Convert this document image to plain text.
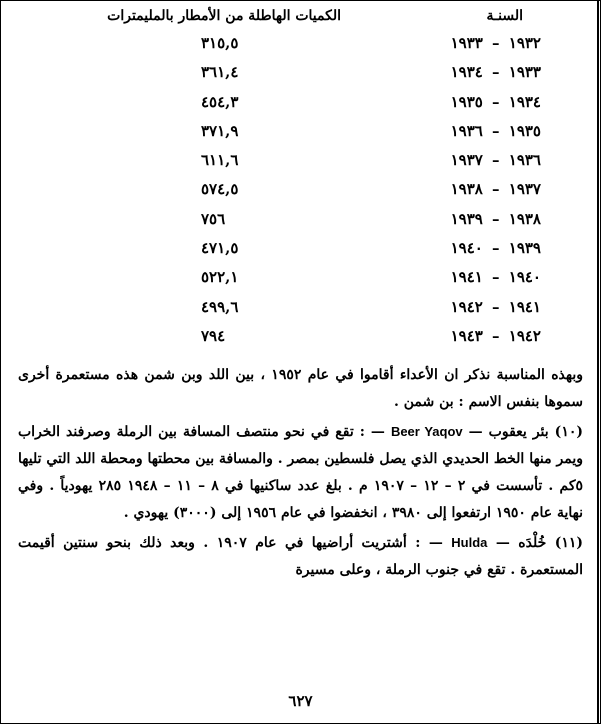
السنـة
الكميات الهاطلة من الأمطار بالمليمترات
١٩٣٢ – ١٩٣٣
٣١٥,٥
١٩٣٣ – ١٩٣٤
٣٦١,٤
١٩٣٤ – ١٩٣٥
٤٥٤,٣
١٩٣٥ – ١٩٣٦
٣٧١,٩
١٩٣٦ – ١٩٣٧
٦١١,٦
١٩٣٧ – ١٩٣٨
٥٧٤,٥
١٩٣٨ – ١٩٣٩
٧٥٦
١٩٣٩ – ١٩٤٠
٤٧١,٥
١٩٤٠ – ١٩٤١
٥٢٢,١
١٩٤١ – ١٩٤٢
٤٩٩,٦
١٩٤٢ – ١٩٤٣
٧٩٤

وبهذه المناسبة نذكر ان الأعداء أقاموا في عام ١٩٥٢ ، بين اللد وبن شمن هذه مستعمرة أخرى سموها بنفس الاسم : بن شمن .

(١٠) بئر يعقوب — Beer Yaqov — : تقع في نحو منتصف المسافة بين الرملة وصرفند الخراب ويمر منها الخط الحديدي الذي يصل فلسطين بمصر . والمسافة بين محطتها ومحطة اللد التي تليها ٥كم . تأسست في ٢ – ١٢ – ١٩٠٧ م . بلغ عدد ساكنيها في ٨ – ١١ – ١٩٤٨ ٢٨٥ يهودياً . وفي نهاية عام ١٩٥٠ ارتفعوا إلى ٣٩٨٠ ، انخفضوا في عام ١٩٥٦ إلى (٣٠٠٠) يهودي .

(١١) خُلْدَه — Hulda — : أشتريت أراضيها في عام ١٩٠٧ . وبعد ذلك بنحو سنتين أقيمت المستعمرة . تقع في جنوب الرملة ، وعلى مسيرة

٦٢٧
